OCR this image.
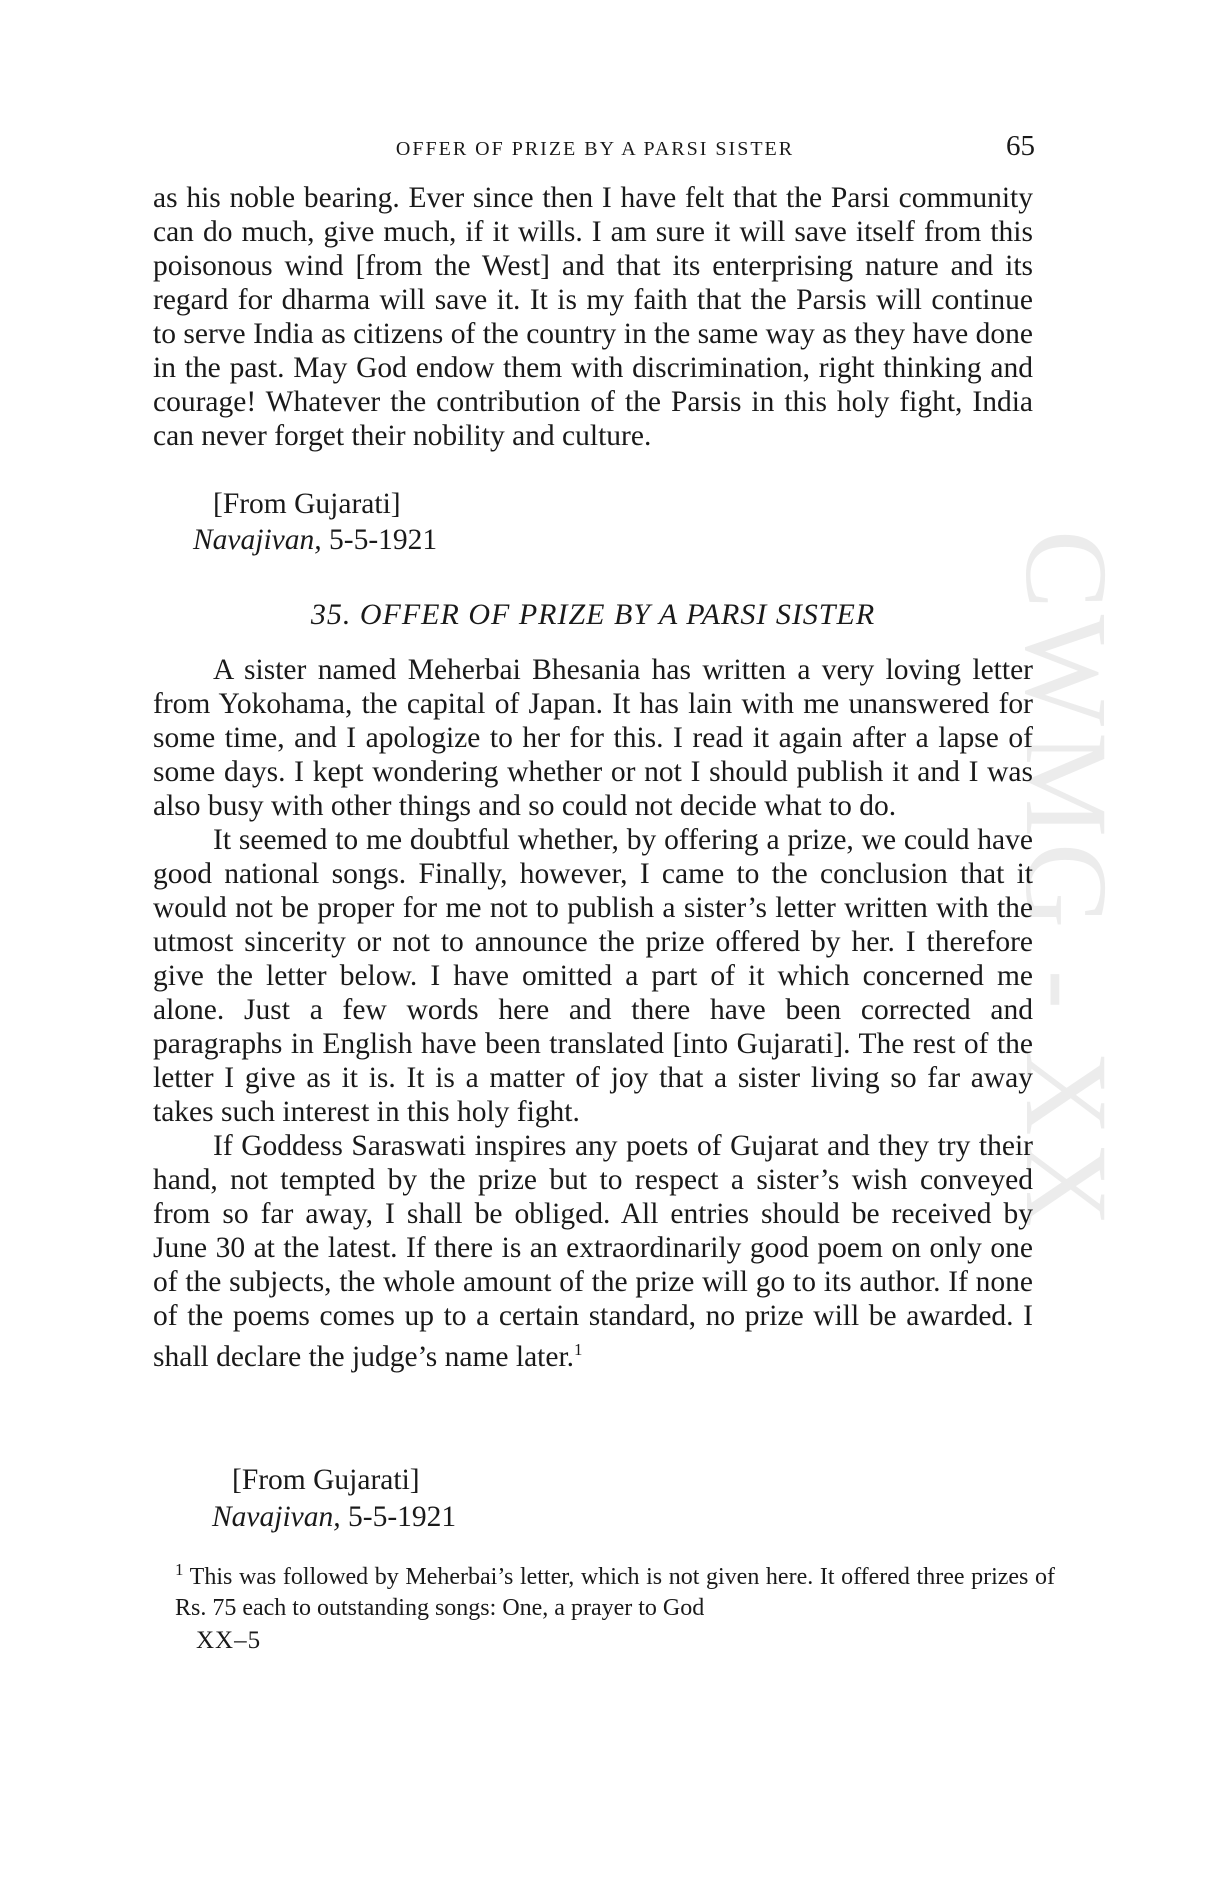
OFFER OF PRIZE BY A PARSI SISTER	65
CWMG - XX

as his noble bearing. Ever since then I have felt that the Parsi community can do much, give much, if it wills. I am sure it will save itself from this poisonous wind [from the West] and that its enterprising nature and its regard for dharma will save it. It is my faith that the Parsis will continue to serve India as citizens of the country in the same way as they have done in the past. May God endow them with discrimination, right thinking and courage! Whatever the contribution of the Parsis in this holy fight, India can never forget their nobility and culture.

[From Gujarati]
Navajivan, 5-5-1921
35. OFFER OF PRIZE BY A PARSI SISTER

A sister named Meherbai Bhesania has written a very loving letter from Yokohama, the capital of Japan. It has lain with me unanswered for some time, and I apologize to her for this. I read it again after a lapse of some days. I kept wondering whether or not I should publish it and I was also busy with other things and so could not decide what to do.

It seemed to me doubtful whether, by offering a prize, we could have good national songs. Finally, however, I came to the conclusion that it would not be proper for me not to publish a sister’s letter written with the utmost sincerity or not to announce the prize offered by her. I therefore give the letter below. I have omitted a part of it which concerned me alone. Just a few words here and there have been corrected and paragraphs in English have been translated [into Gujarati]. The rest of the letter I give as it is. It is a matter of joy that a sister living so far away takes such interest in this holy fight.

If Goddess Saraswati inspires any poets of Gujarat and they try their hand, not tempted by the prize but to respect a sister’s wish conveyed from so far away, I shall be obliged. All entries should be received by June 30 at the latest. If there is an extraordinarily good poem on only one of the subjects, the whole amount of the prize will go to its author. If none of the poems comes up to a certain standard, no prize will be awarded. I shall declare the judge’s name later.$^1$

[From Gujarati]
Navajivan, 5-5-1921
$^1$ This was followed by Meherbai’s letter, which is not given here. It offered three prizes of Rs. 75 each to outstanding songs: One, a prayer to God
XX–5
